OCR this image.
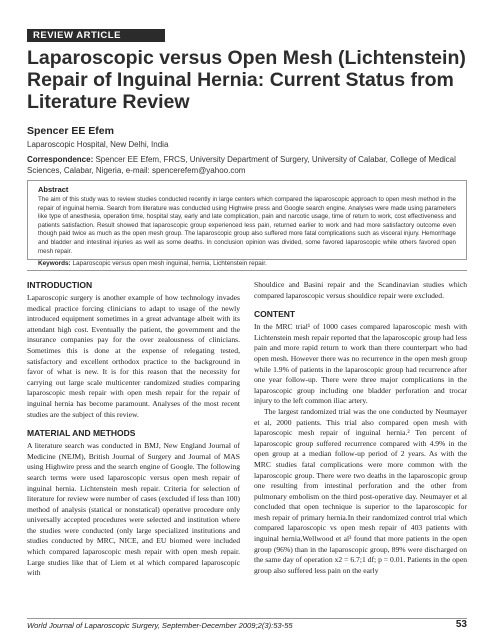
REVIEW ARTICLE
Laparoscopic versus Open Mesh (Lichtenstein) Repair of Inguinal Hernia: Current Status from Literature Review
Spencer EE Efem
Laparoscopic Hospital, New Delhi, India
Correspondence: Spencer EE Efem, FRCS, University Department of Surgery, University of Calabar, College of Medical Sciences, Calabar, Nigeria, e-mail: spencerefem@yahoo.com

Abstract

The aim of this study was to review studies conducted recently in large centers which compared the laparoscopic approach to open mesh method in the repair of inguinal hernia. Search from literature was conducted using Highwire press and Google search engine. Analyses were made using parameters like type of anesthesia, operation time, hospital stay, early and late complication, pain and narcotic usage, time of return to work, cost effectiveness and patients satisfaction. Result showed that laparoscopic group experienced less pain, returned earlier to work and had more satisfactory outcome even though paid twice as much as the open mesh group. The laparoscopic group also suffered more fatal complications such as visceral injury. Hemorrhage and bladder and intestinal injuries as well as some deaths. In conclusion opinion was divided, some favored laparoscopic while others favored open mesh repair.

Keywords: Laparoscopic versus open mesh inguinal, hernia, Lichtenstein repair.

INTRODUCTION

Laparoscopic surgery is another example of how technology invades medical practice forcing clinicians to adapt to usage of the newly introduced equipment sometimes in a great advantage albeit with its attendant high cost. Eventually the patient, the government and the insurance companies pay for the over zealousness of clinicians. Sometimes this is done at the expense of relegating tested, satisfactory and excellent orthodox practice to the background in favor of what is new. It is for this reason that the necessity for carrying out large scale multicenter randomized studies comparing laparoscopic mesh repair with open mesh repair for the repair of inguinal hernia has become paramount. Analyses of the most recent studies are the subject of this review.

MATERIAL AND METHODS

A literature search was conducted in BMJ, New England Journal of Medicine (NEJM), British Journal of Surgery and Journal of MAS using Highwire press and the search engine of Google. The following search terms were used laparoscopic versus open mesh repair of inguinal hernia. Lichtenstein mesh repair. Criteria for selection of literature for review were number of cases (excluded if less than 100) method of analysis (statical or nonstatical) operative procedure only universally accepted procedures were selected and institution where the studies were conducted (only large specialized institutions and studies conducted by MRC, NICE, and EU biomed were included which compared laparoscopic mesh repair with open mesh repair. Large studies like that of Liem et al which compared laparoscopic with

Shouldice and Basini repair and the Scandinavian studies which compared laparoscopic versus shouldice repair were excluded.

CONTENT

In the MRC trial¹ of 1000 cases compared laparoscopic mesh with Lichtenstein mesh repair reported that the laparoscopic group had less pain and more rapid return to work than there counterpart who had open mesh. However there was no recurrence in the open mesh group while 1.9% of patients in the laparoscopic group had recurrence after one year follow-up. There were three major complications in the laparoscopic group including one bladder perforation and trocar injury to the left common iliac artery.

The largest randomized trial was the one conducted by Neumayer et al, 2000 patients. This trial also compared open mesh with laparoscopic mesh repair of inguinal hernia.² Ten percent of laparoscopic group suffered recurrence compared with 4.9% in the open group at a median follow-up period of 2 years. As with the MRC studies fatal complications were more common with the laparoscopic group. There were two deaths in the laparoscopic group one resulting from intestinal perforation and the other from pulmonary embolism on the third post-operative day. Neumayer et al concluded that open technique is superior to the laparoscopic for mesh repair of primary hernia.In their randomized control trial which compared laparoscopic vs open mesh repair of 403 patients with inguinal hernia,Wellwood et al³ found that more patients in the open group (96%) than in the laparoscopic group, 89% were discharged on the same day of operation x2 = 6.7;1 df; p = 0.01. Patients in the open group also suffered less pain on the early

World Journal of Laparoscopic Surgery, September-December 2009;2(3):53-55	53
